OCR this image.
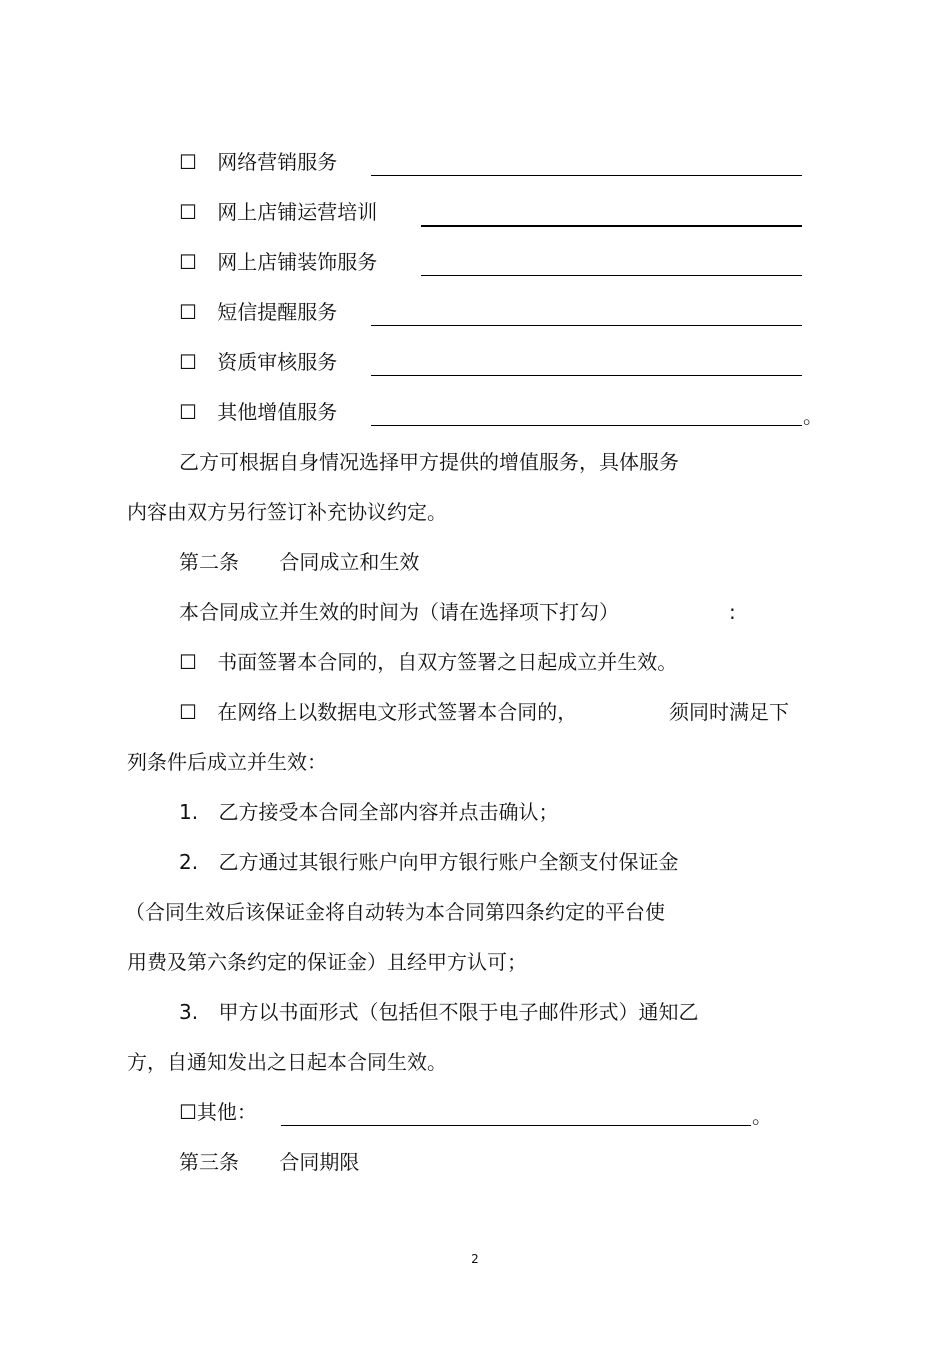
☐ 网络营销服务
☐ 网上店铺运营培训
☐ 网上店铺装饰服务
☐ 短信提醒服务
☐ 资质审核服务
☐ 其他增值服务	。
乙方可根据自身情况选择甲方提供的增值服务，具体服务
内容由双方另行签订补充协议约定。
第二条 合同成立和生效
本合同成立并生效的时间为（请在选择项下打勾）	:
☐ 书面签署本合同的，自双方签署之日起成立并生效。
☐ 在网络上以数据电文形式签署本合同的，	须同时满足下
列条件后成立并生效：
1. 乙方接受本合同全部内容并点击确认；
2. 乙方通过其银行账户向甲方银行账户全额支付保证金
（合同生效后该保证金将自动转为本合同第四条约定的平台使
用费及第六条约定的保证金）且经甲方认可；
3. 甲方以书面形式（包括但不限于电子邮件形式）通知乙
方，自通知发出之日起本合同生效。
☐其他：	。
第三条 合同期限
2
